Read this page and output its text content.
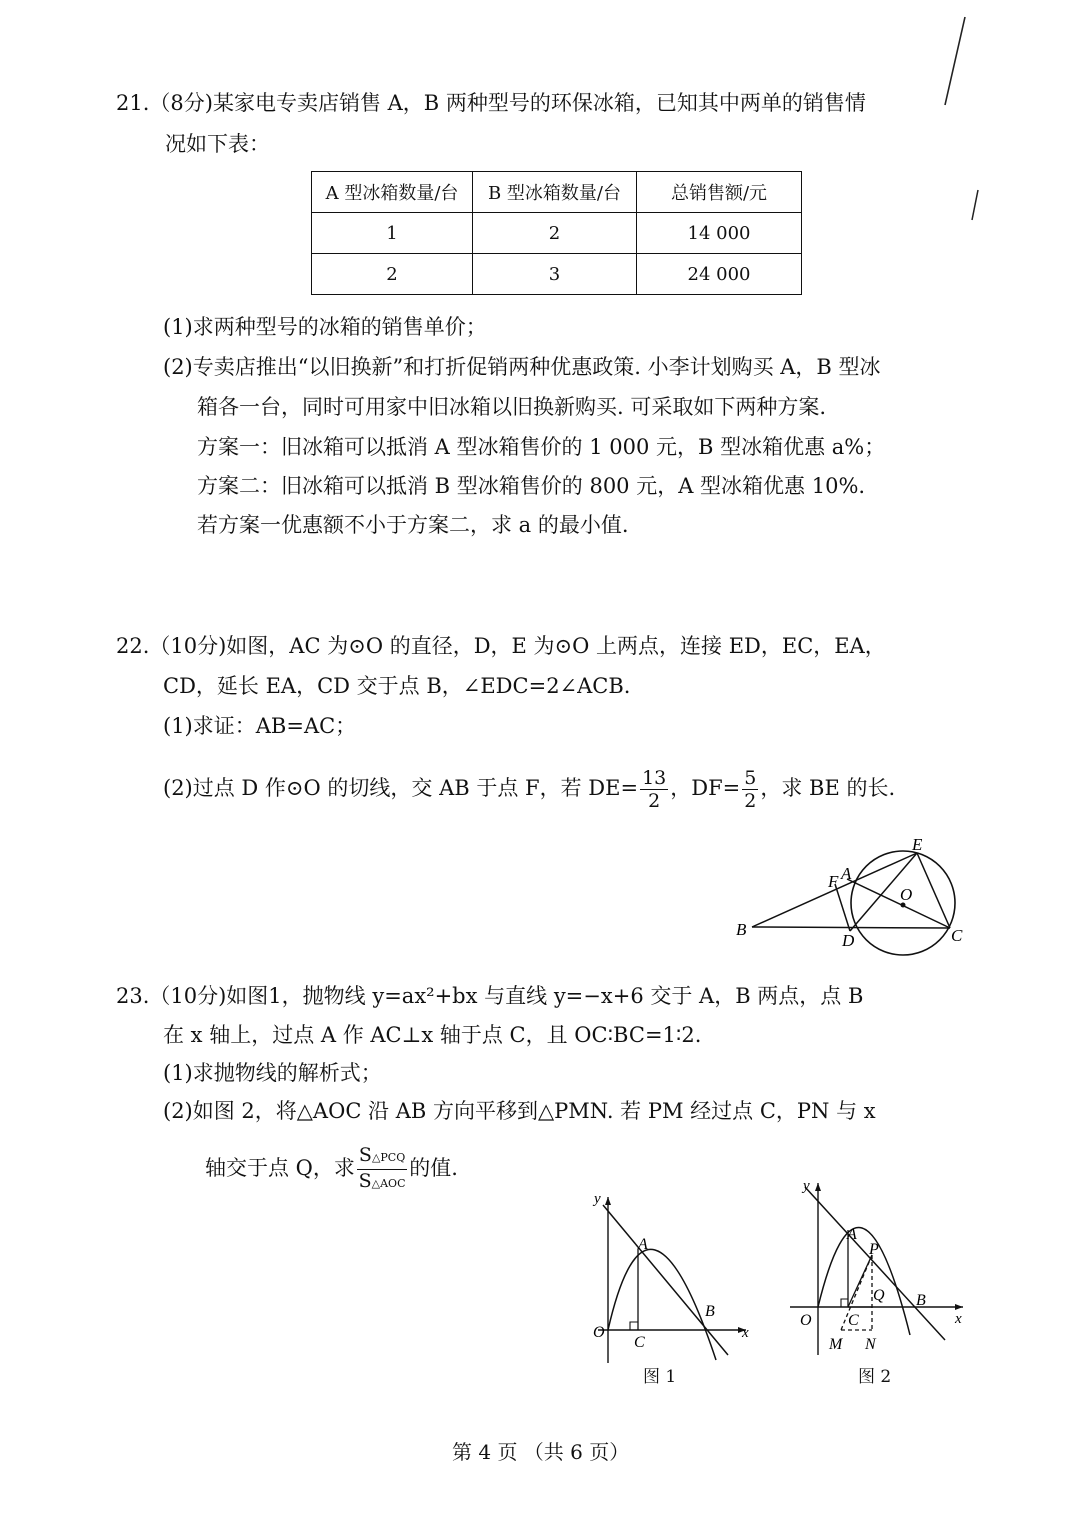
21.（8分)某家电专卖店销售 A，B 两种型号的环保冰箱，已知其中两单的销售情
况如下表：
A 型冰箱数量/台	B 型冰箱数量/台	总销售额/元
1	2	14 000
2	3	24 000
(1)求两种型号的冰箱的销售单价；
(2)专卖店推出“以旧换新”和打折促销两种优惠政策. 小李计划购买 A，B 型冰
箱各一台，同时可用家中旧冰箱以旧换新购买. 可采取如下两种方案.
方案一：旧冰箱可以抵消 A 型冰箱售价的 1 000 元，B 型冰箱优惠 a%；
方案二：旧冰箱可以抵消 B 型冰箱售价的 800 元，A 型冰箱优惠 10%.
若方案一优惠额不小于方案二，求 a 的最小值.
22.（10分)如图，AC 为⊙O 的直径，D，E 为⊙O 上两点，连接 ED，EC，EA，
CD，延长 EA，CD 交于点 B，∠EDC=2∠ACB.
(1)求证：AB=AC；
(2)过点 D 作⊙O 的切线，交 AB 于点 F，若 $DE= \frac{13}{2}$ ，$DF= \frac{5}{2}$ ，求 BE 的长.
E
F A
O
B
D	C
23.（10分)如图1，抛物线 y=ax²+bx 与直线 y=−x+6 交于 A，B 两点，点 B
在 x 轴上，过点 A 作 AC⊥x 轴于点 C，且 OC∶BC=1∶2.
(1)求抛物线的解析式；
(2)如图 2，将△AOC 沿 AB 方向平移到△PMN. 若 PM 经过点 C，PN 与 x
轴交于点 Q，求 $\frac{\text{S△PCQ}}{\text{S△AOC}}$ 的值.
A
B
O
C
x
y
图 1
A
P
Q B
O C	x
y
M N
图 2
第 4 页 （共 6 页）
